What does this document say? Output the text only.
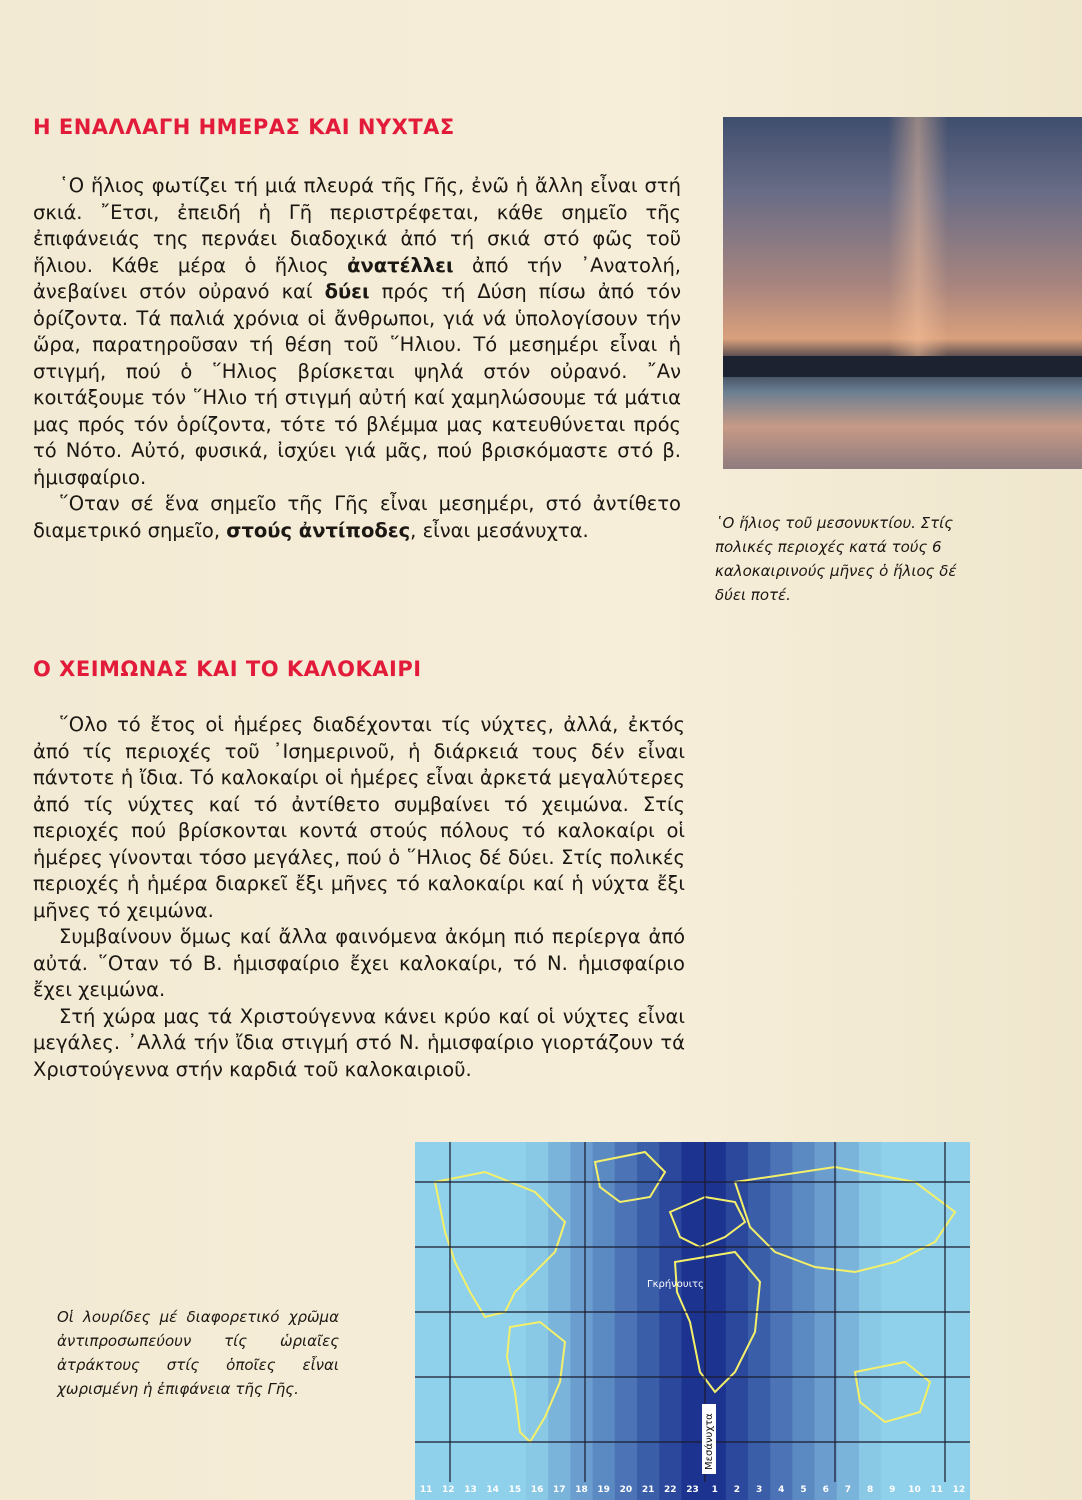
Η ΕΝΑΛΛΑΓΗ ΗΜΕΡΑΣ ΚΑΙ ΝΥΧΤΑΣ

῾Ο ἥλιος φωτίζει τή μιά πλευρά τῆς Γῆς, ἐνῶ ἡ ἄλλη εἶναι στή σκιά. ῎Ετσι, ἐπειδή ἡ Γῆ περιστρέφεται, κάθε σημεῖο τῆς ἐπιφάνειάς της περνάει διαδοχικά ἀπό τή σκιά στό φῶς τοῦ ἥλιου. Κάθε μέρα ὁ ἥλιος ἀνατέλλει ἀπό τήν ᾿Ανατολή, ἀνεβαίνει στόν οὐρανό καί δύει πρός τή Δύση πίσω ἀπό τόν ὁρίζοντα. Τά παλιά χρόνια οἱ ἄνθρωποι, γιά νά ὑπολογίσουν τήν ὥρα, παρατηροῦσαν τή θέση τοῦ ῞Ηλιου. Τό μεσημέρι εἶναι ἡ στιγμή, πού ὁ ῞Ηλιος βρίσκεται ψηλά στόν οὐρανό. ῎Αν κοιτάξουμε τόν ῞Ηλιο τή στιγμή αὐτή καί χαμηλώσουμε τά μάτια μας πρός τόν ὁρίζοντα, τότε τό βλέμμα μας κατευθύνεται πρός τό Νότο. Αὐτό, φυσικά, ἰσχύει γιά μᾶς, πού βρισκόμαστε στό β. ἡμισφαίριο.

῞Οταν σέ ἕνα σημεῖο τῆς Γῆς εἶναι μεσημέρι, στό ἀντίθετο διαμετρικό σημεῖο, στούς ἀντίποδες, εἶναι μεσάνυχτα.	῾Ο ἥλιος τοῦ μεσονυκτίου. Στίς πολικές περιοχές κατά τούς 6 καλοκαιρινούς μῆνες ὁ ἥλιος δέ δύει ποτέ.

Ο ΧΕΙΜΩΝΑΣ ΚΑΙ ΤΟ ΚΑΛΟΚΑΙΡΙ

῞Ολο τό ἔτος οἱ ἡμέρες διαδέχονται τίς νύχτες, ἀλλά, ἐκτός ἀπό τίς περιοχές τοῦ ᾿Ισημερινοῦ, ἡ διάρκειά τους δέν εἶναι πάντοτε ἡ ἴδια. Τό καλοκαίρι οἱ ἡμέρες εἶναι ἀρκετά μεγαλύτερες ἀπό τίς νύχτες καί τό ἀντίθετο συμβαίνει τό χειμώνα. Στίς περιοχές πού βρίσκονται κοντά στούς πόλους τό καλοκαίρι οἱ ἡμέρες γίνονται τόσο μεγάλες, πού ὁ ῞Ηλιος δέ δύει. Στίς πολικές περιοχές ἡ ἡμέρα διαρκεῖ ἔξι μῆνες τό καλοκαίρι καί ἡ νύχτα ἔξι μῆνες τό χειμώνα.

Συμβαίνουν ὅμως καί ἄλλα φαινόμενα ἀκόμη πιό περίεργα ἀπό αὐτά. ῞Οταν τό Β. ἡμισφαίριο ἔχει καλοκαίρι, τό Ν. ἡμισφαίριο ἔχει χειμώνα.

Στή χώρα μας τά Χριστούγεννα κάνει κρύο καί οἱ νύχτες εἶναι μεγάλες. ᾿Αλλά τήν ἴδια στιγμή στό Ν. ἡμισφαίριο γιορτάζουν τά Χριστούγεννα στήν καρδιά τοῦ καλοκαιριοῦ.

Οἱ λουρίδες μέ διαφορετικό χρῶμα ἀντιπροσωπεύουν τίς ὡριαῖες ἀτράκτους στίς ὁποῖες εἶναι χωρισμένη ἡ ἐπιφάνεια τῆς Γῆς.

Μεσάνυχτα
Γκρήνουιτς
11 12 13 14 15 16 17 18 19 20 21 22 23 1 2 3 4 5 6 7 8 9 10 11 12
